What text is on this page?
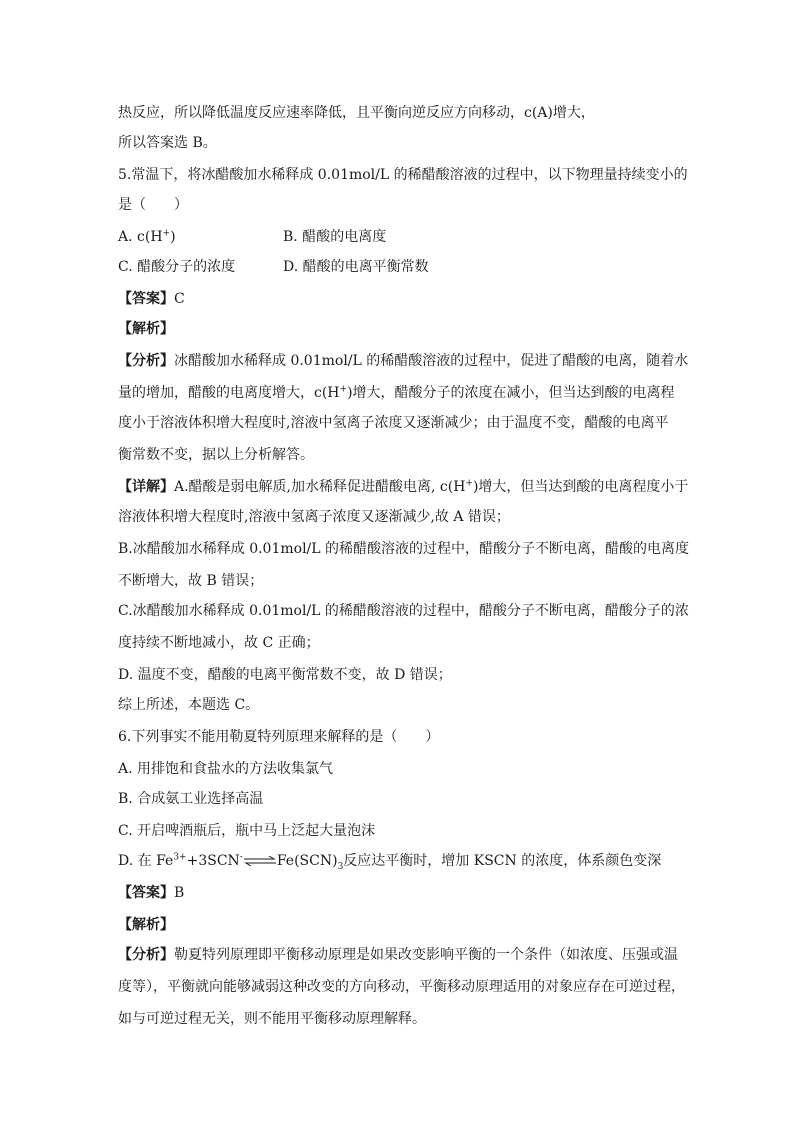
热反应，所以降低温度反应速率降低，且平衡向逆反应方向移动，c(A)增大，
所以答案选 B。
5.常温下，将冰醋酸加水稀释成 0.01mol/L 的稀醋酸溶液的过程中，以下物理量持续变小的
是（　　）
A. c(H+)	B. 醋酸的电离度
C. 醋酸分子的浓度	D. 醋酸的电离平衡常数
【答案】C
【解析】
【分析】冰醋酸加水稀释成 0.01mol/L 的稀醋酸溶液的过程中，促进了醋酸的电离，随着水
量的增加，醋酸的电离度增大，c(H+)增大，醋酸分子的浓度在减小，但当达到酸的电离程
度小于溶液体积增大程度时,溶液中氢离子浓度又逐渐减少；由于温度不变，醋酸的电离平
衡常数不变，据以上分析解答。
【详解】A.醋酸是弱电解质,加水稀释促进醋酸电离, c(H+)增大，但当达到酸的电离程度小于
溶液体积增大程度时,溶液中氢离子浓度又逐渐减少,故 A 错误；
B.冰醋酸加水稀释成 0.01mol/L 的稀醋酸溶液的过程中，醋酸分子不断电离，醋酸的电离度
不断增大，故 B 错误；
C.冰醋酸加水稀释成 0.01mol/L 的稀醋酸溶液的过程中，醋酸分子不断电离，醋酸分子的浓
度持续不断地减小，故 C 正确；
D. 温度不变，醋酸的电离平衡常数不变，故 D 错误；
综上所述，本题选 C。
6.下列事实不能用勒夏特列原理来解释的是（　　）
A. 用排饱和食盐水的方法收集氯气
B. 合成氨工业选择高温
C. 开启啤酒瓶后，瓶中马上泛起大量泡沫
D. 在 $Fe^{3+}+3SCN^-\rightleftharpoons Fe(SCN)_3$反应达平衡时，增加 KSCN 的浓度，体系颜色变深
【答案】B
【解析】
【分析】勒夏特列原理即平衡移动原理是如果改变影响平衡的一个条件（如浓度、压强或温
度等），平衡就向能够减弱这种改变的方向移动，平衡移动原理适用的对象应存在可逆过程，
如与可逆过程无关，则不能用平衡移动原理解释。
